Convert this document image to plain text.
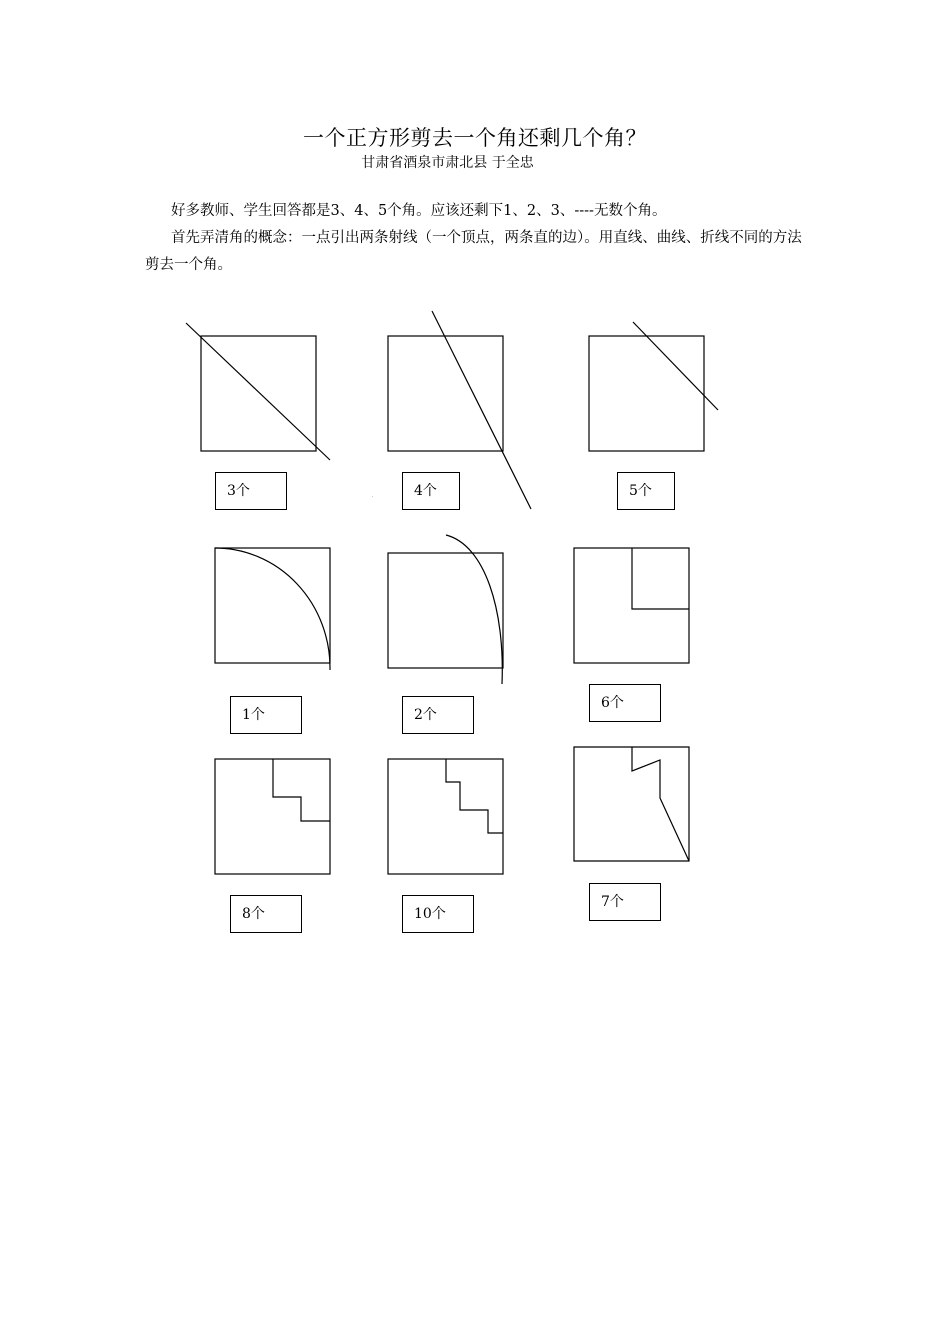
一个正方形剪去一个角还剩几个角？
甘肃省酒泉市肃北县 于全忠
好多教师、学生回答都是3、4、5个角。应该还剩下1、2、3、----无数个角。
首先弄清角的概念：一点引出两条射线（一个顶点，两条直的边）。用直线、曲线、折线不同的方法剪去一个角。
3个	4个	5个
1个	2个
6个
8个	10个
7个
